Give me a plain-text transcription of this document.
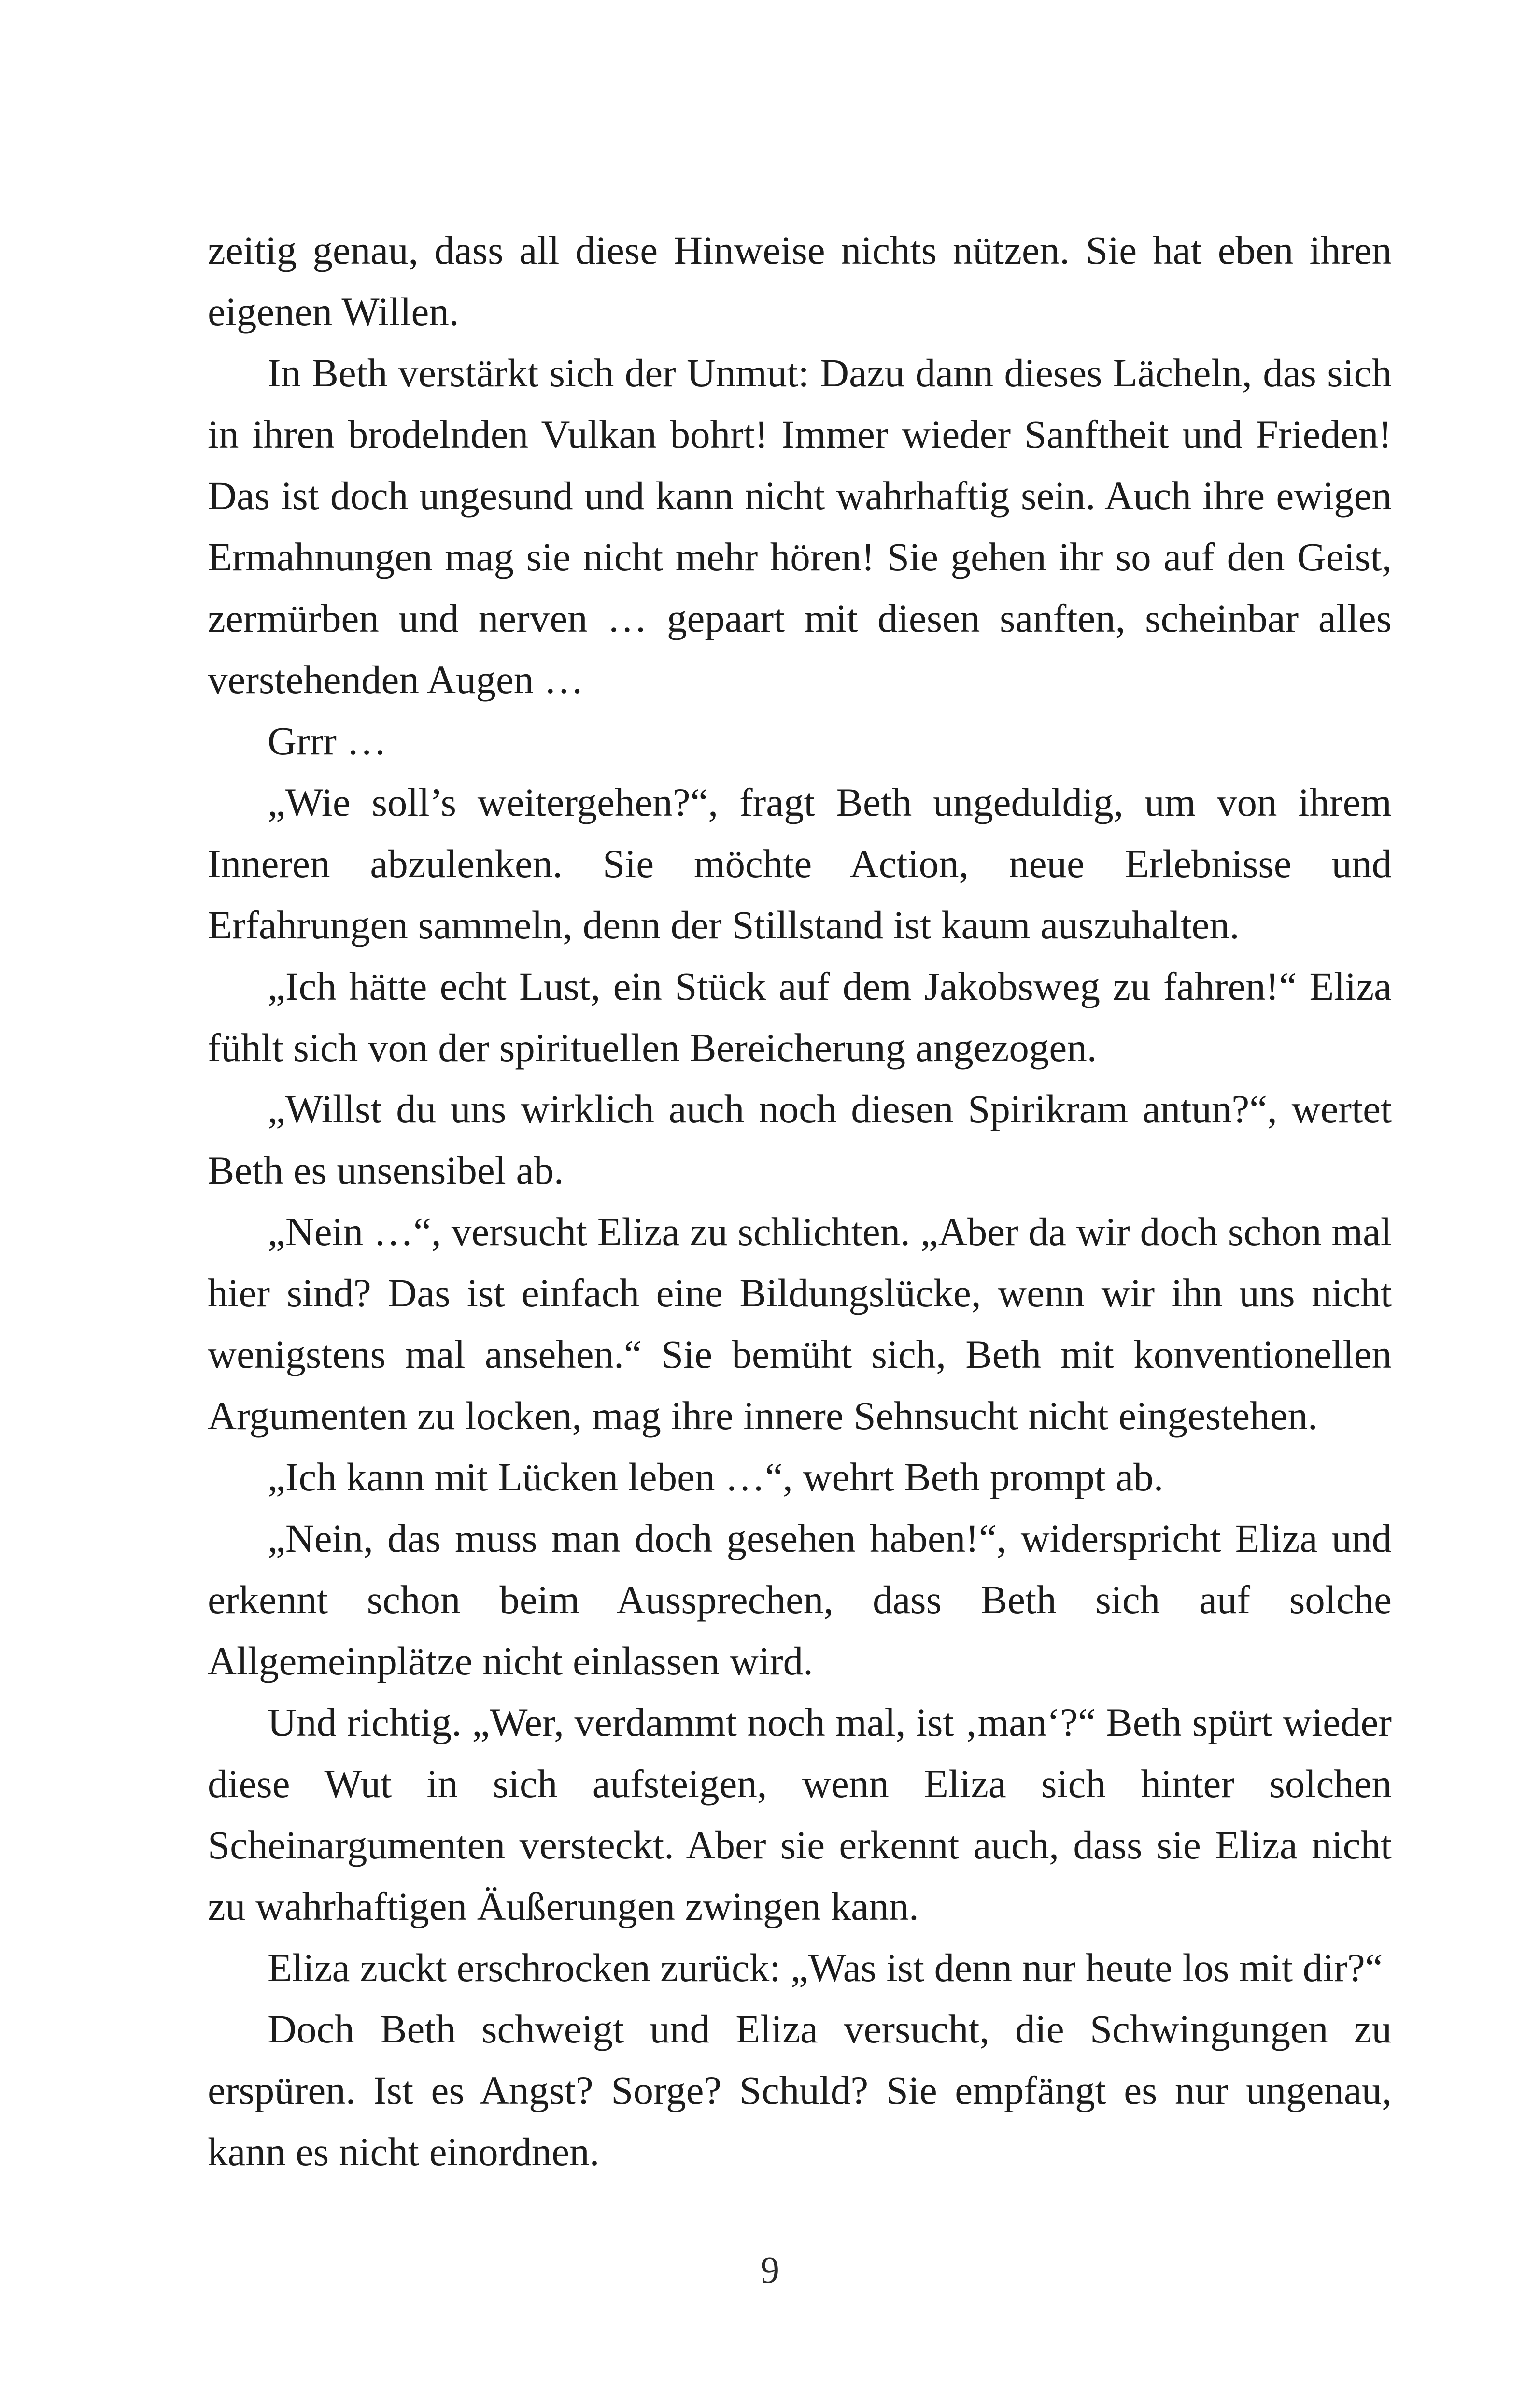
zeitig genau, dass all diese Hinweise nichts nützen. Sie hat eben ihren eigenen Willen.

In Beth verstärkt sich der Unmut: Dazu dann dieses Lächeln, das sich in ihren brodelnden Vulkan bohrt! Immer wieder Sanftheit und Frieden! Das ist doch ungesund und kann nicht wahrhaftig sein. Auch ihre ewigen Ermahnungen mag sie nicht mehr hören! Sie gehen ihr so auf den Geist, zermürben und nerven … gepaart mit diesen sanften, scheinbar alles verstehenden Augen …

Grrr …

„Wie soll’s weitergehen?“, fragt Beth ungeduldig, um von ihrem Inneren abzulenken. Sie möchte Action, neue Erlebnisse und Erfahrungen sammeln, denn der Stillstand ist kaum auszuhalten.

„Ich hätte echt Lust, ein Stück auf dem Jakobsweg zu fahren!“ Eliza fühlt sich von der spirituellen Bereicherung angezogen.

„Willst du uns wirklich auch noch diesen Spirikram antun?“, wertet Beth es unsensibel ab.

„Nein …“, versucht Eliza zu schlichten. „Aber da wir doch schon mal hier sind? Das ist einfach eine Bildungslücke, wenn wir ihn uns nicht wenigstens mal ansehen.“ Sie bemüht sich, Beth mit konventionellen Argumenten zu locken, mag ihre innere Sehnsucht nicht eingestehen.

„Ich kann mit Lücken leben …“, wehrt Beth prompt ab.

„Nein, das muss man doch gesehen haben!“, widerspricht Eliza und erkennt schon beim Aussprechen, dass Beth sich auf solche Allgemeinplätze nicht einlassen wird.

Und richtig. „Wer, verdammt noch mal, ist ‚man‘?“ Beth spürt wieder diese Wut in sich aufsteigen, wenn Eliza sich hinter solchen Scheinargumenten versteckt. Aber sie erkennt auch, dass sie Eliza nicht zu wahrhaftigen Äußerungen zwingen kann.

Eliza zuckt erschrocken zurück: „Was ist denn nur heute los mit dir?“

Doch Beth schweigt und Eliza versucht, die Schwingungen zu erspüren. Ist es Angst? Sorge? Schuld? Sie empfängt es nur ungenau, kann es nicht einordnen.

9
